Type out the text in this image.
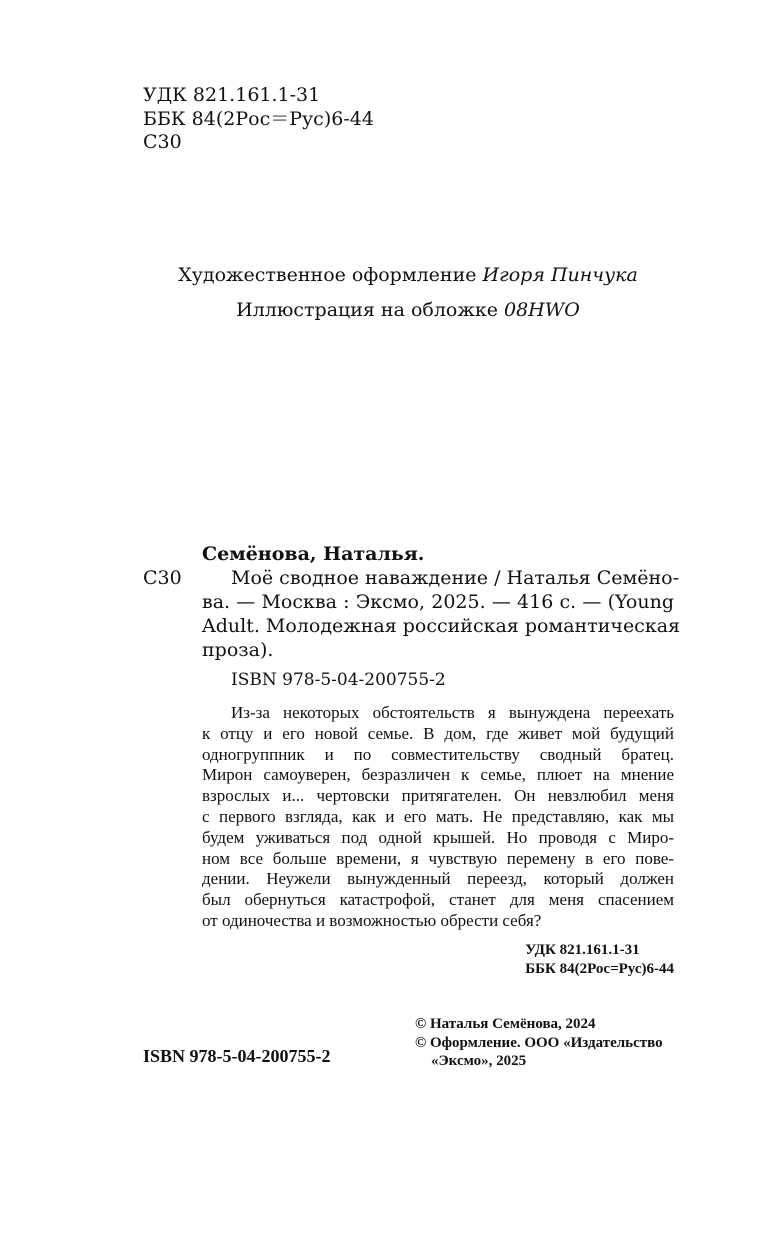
УДК 821.161.1-31
ББК 84(2Рос＝Рус)6-44
С30
Художественное оформление Игоря Пинчука
Иллюстрация на обложке 08HWO
Семёнова, Наталья.
С30	Моё сводное наваждение / Наталья Семёно-
ва. — Москва : Эксмо, 2025. — 416 с. — (Young
Adult. Молодежная российская романтическая
проза).
ISBN 978-5-04-200755-2
Из-за некоторых обстоятельств я вынуждена переехать
к отцу и его новой семье. В дом, где живет мой будущий
одногруппник и по совместительству сводный братец.
Мирон самоуверен, безразличен к семье, плюет на мнение
взрослых и... чертовски притягателен. Он невзлюбил меня
с первого взгляда, как и его мать. Не представляю, как мы
будем уживаться под одной крышей. Но проводя с Миро-
ном все больше времени, я чувствую перемену в его пове-
дении. Неужели вынужденный переезд, который должен
был обернуться катастрофой, станет для меня спасением
от одиночества и возможностью обрести себя?
УДК 821.161.1-31
ББК 84(2Рос=Рус)6-44
© Наталья Семёнова, 2024
© Оформление. ООО «Издательство
«Эксмо», 2025
ISBN 978-5-04-200755-2
